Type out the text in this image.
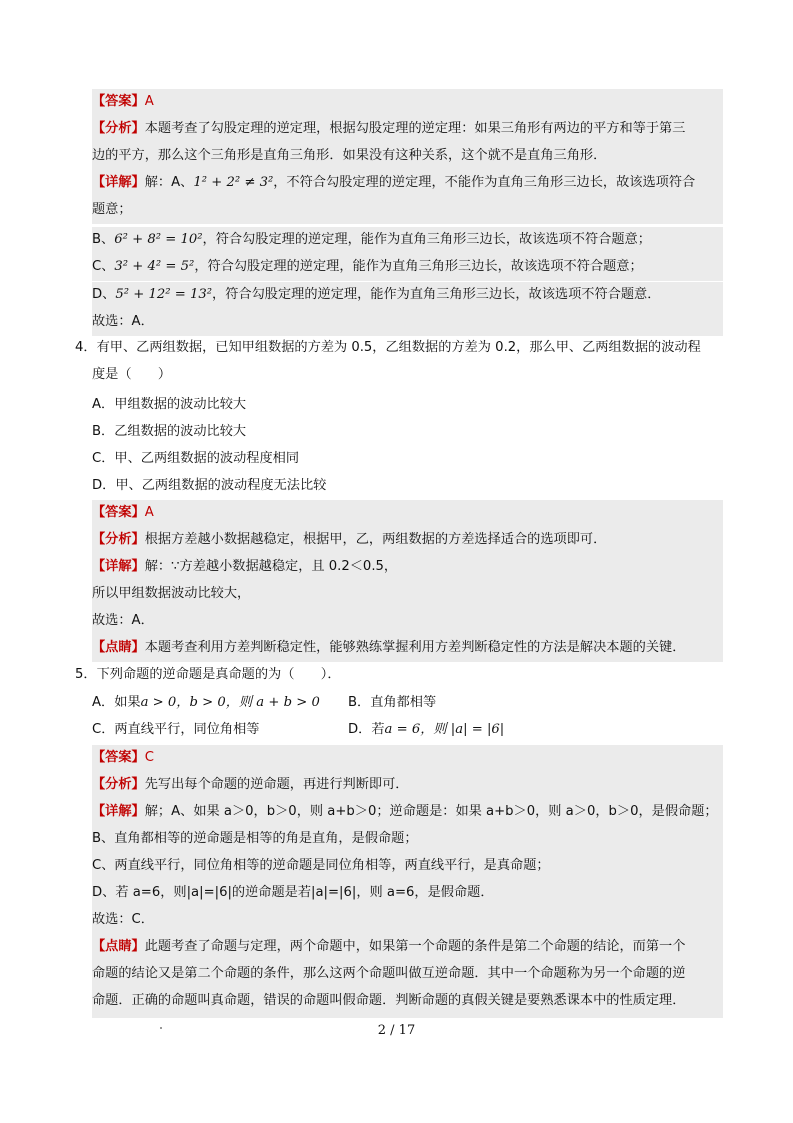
【答案】A
【分析】本题考查了勾股定理的逆定理，根据勾股定理的逆定理：如果三角形有两边的平方和等于第三
边的平方，那么这个三角形是直角三角形．如果没有这种关系，这个就不是直角三角形．
【详解】解：A、1² + 2² ≠ 3²，不符合勾股定理的逆定理，不能作为直角三角形三边长，故该选项符合
题意；
B、6² + 8² = 10²，符合勾股定理的逆定理，能作为直角三角形三边长，故该选项不符合题意；
C、3² + 4² = 5²，符合勾股定理的逆定理，能作为直角三角形三边长，故该选项不符合题意；
D、5² + 12² = 13²，符合勾股定理的逆定理，能作为直角三角形三边长，故该选项不符合题意．
故选：A．
4．有甲、乙两组数据，已知甲组数据的方差为 0.5，乙组数据的方差为 0.2，那么甲、乙两组数据的波动程
度是（　　）
A．甲组数据的波动比较大
B．乙组数据的波动比较大
C．甲、乙两组数据的波动程度相同
D．甲、乙两组数据的波动程度无法比较
【答案】A
【分析】根据方差越小数据越稳定，根据甲，乙，两组数据的方差选择适合的选项即可．
【详解】解：∵方差越小数据越稳定，且 0.2＜0.5，
所以甲组数据波动比较大，
故选：A．
【点睛】本题考查利用方差判断稳定性，能够熟练掌握利用方差判断稳定性的方法是解决本题的关键．
5．下列命题的逆命题是真命题的为（　　）．
A．如果a > 0，b > 0，则 a + b > 0 B．直角都相等
C．两直线平行，同位角相等	D．若a = 6，则 |a| = |6|
【答案】C
【分析】先写出每个命题的逆命题，再进行判断即可．
【详解】解；A、如果 a＞0，b＞0，则 a+b＞0；逆命题是：如果 a+b＞0，则 a＞0，b＞0，是假命题；
B、直角都相等的逆命题是相等的角是直角，是假命题；
C、两直线平行，同位角相等的逆命题是同位角相等，两直线平行，是真命题；
D、若 a=6，则|a|=|6|的逆命题是若|a|=|6|，则 a=6，是假命题．
故选：C．
【点睛】此题考查了命题与定理，两个命题中，如果第一个命题的条件是第二个命题的结论，而第一个
命题的结论又是第二个命题的条件，那么这两个命题叫做互逆命题．其中一个命题称为另一个命题的逆
命题．正确的命题叫真命题，错误的命题叫假命题．判断命题的真假关键是要熟悉课本中的性质定理．
2 / 17
